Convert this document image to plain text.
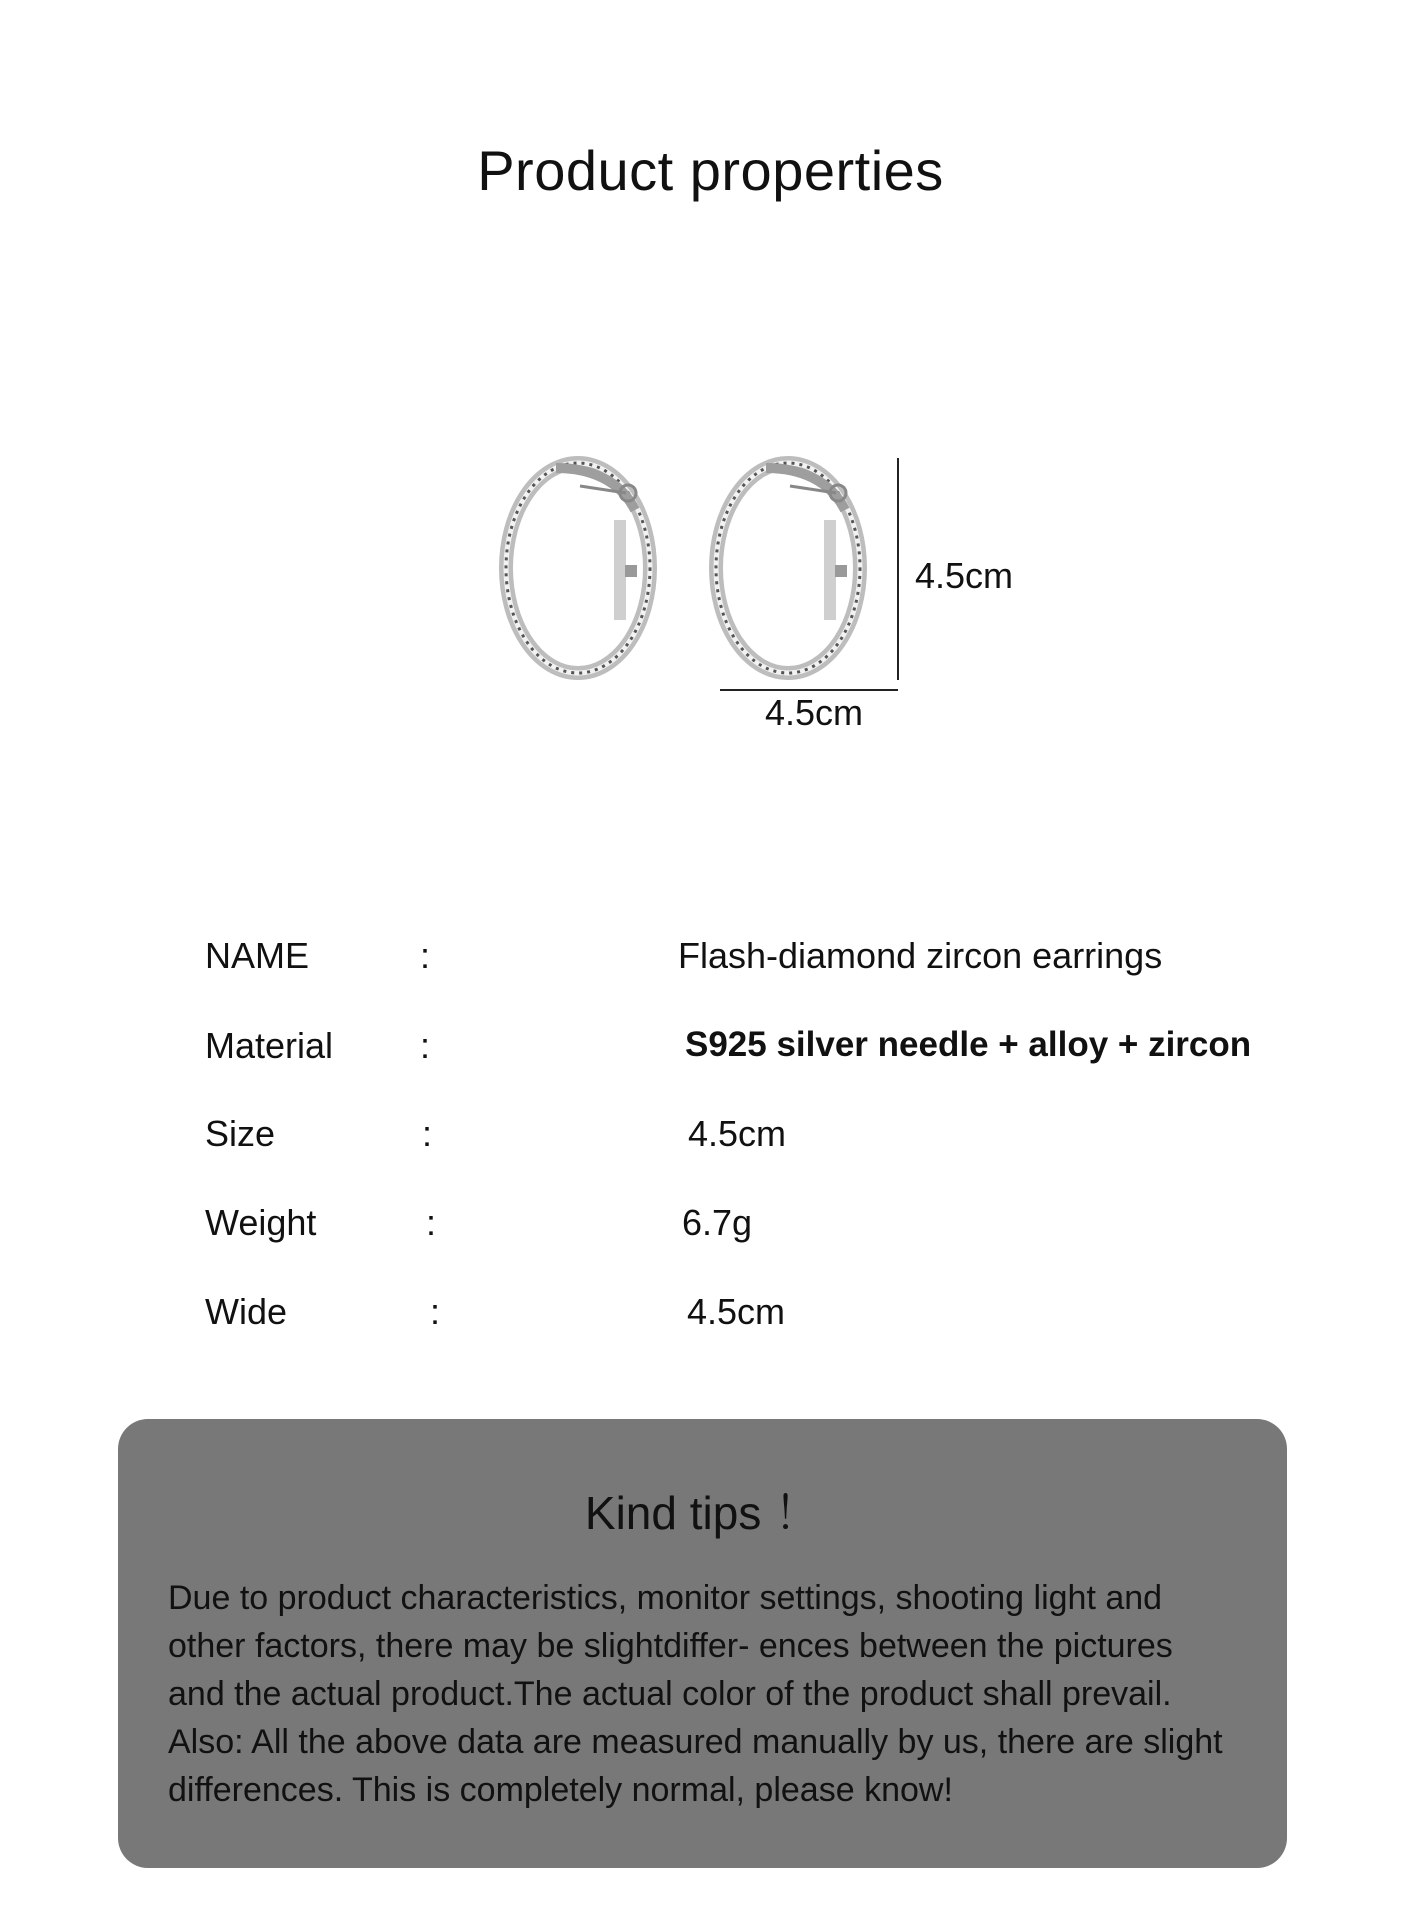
Product properties
4.5cm
4.5cm
NAME	:	Flash-diamond zircon earrings
Material :	S925 silver needle + alloy + zircon
Size	:	4.5cm
Weight	:	6.7g
Wide	:	4.5cm
Kind tips ！
Due to product characteristics, monitor settings, shooting light and
other factors, there may be slightdiffer- ences between the pictures
and the actual product.The actual color of the product shall prevail.
Also: All the above data are measured manually by us, there are slight
differences. This is completely normal, please know!
